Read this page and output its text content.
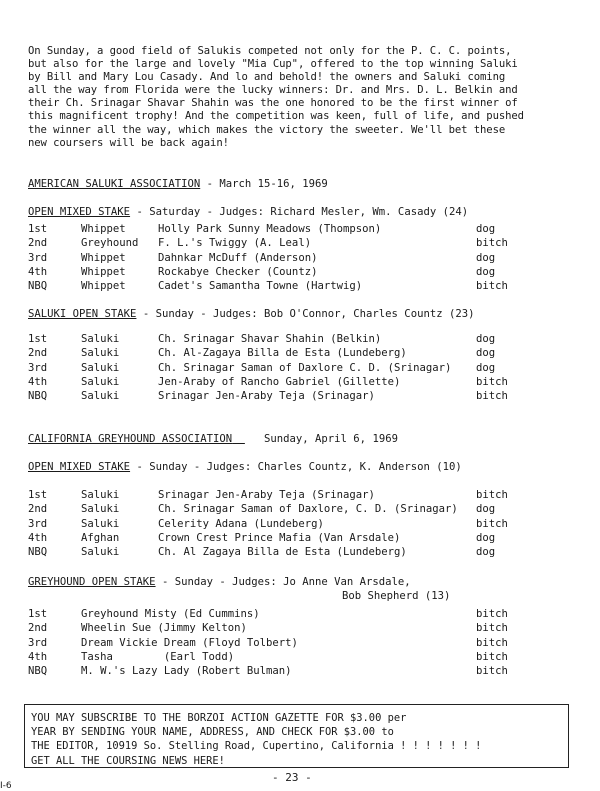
On Sunday, a good field of Salukis competed not only for the P. C. C. points,
but also for the large and lovely "Mia Cup", offered to the top winning Saluki
by Bill and Mary Lou Casady. And lo and behold! the owners and Saluki coming
all the way from Florida were the lucky winners: Dr. and Mrs. D. L. Belkin and
their Ch. Srinagar Shavar Shahin was the one honored to be the first winner of
this magnificent trophy! And the competition was keen, full of life, and pushed
the winner all the way, which makes the victory the sweeter. We'll bet these
new coursers will be back again!
AMERICAN SALUKI ASSOCIATION - March 15-16, 1969
OPEN MIXED STAKE - Saturday - Judges: Richard Mesler, Wm. Casady (24)
1st	Whippet	Holly Park Sunny Meadows (Thompson)	dog
2nd	Greyhound	F. L.'s Twiggy (A. Leal)	bitch
3rd	Whippet	Dahnkar McDuff (Anderson)	dog
4th	Whippet	Rockabye Checker (Countz)	dog
NBQ	Whippet	Cadet's Samantha Towne (Hartwig)	bitch
SALUKI OPEN STAKE - Sunday - Judges: Bob O'Connor, Charles Countz (23)
1st	Saluki	Ch. Srinagar Shavar Shahin (Belkin)	dog
2nd	Saluki	Ch. Al-Zagaya Billa de Esta (Lundeberg)	dog
3rd	Saluki	Ch. Srinagar Saman of Daxlore C. D. (Srinagar)	dog
4th	Saluki	Jen-Araby of Rancho Gabriel (Gillette)	bitch
NBQ	Saluki	Srinagar Jen-Araby Teja (Srinagar)	bitch
CALIFORNIA GREYHOUND ASSOCIATION	Sunday, April 6, 1969
OPEN MIXED STAKE - Sunday - Judges: Charles Countz, K. Anderson (10)
1st	Saluki	Srinagar Jen-Araby Teja (Srinagar)	bitch
2nd	Saluki	Ch. Srinagar Saman of Daxlore, C. D. (Srinagar)	dog
3rd	Saluki	Celerity Adana (Lundeberg)	bitch
4th	Afghan	Crown Crest Prince Mafia (Van Arsdale)	dog
NBQ	Saluki	Ch. Al Zagaya Billa de Esta (Lundeberg)	dog
GREYHOUND OPEN STAKE - Sunday - Judges: Jo Anne Van Arsdale,
Bob Shepherd (13)
1st	Greyhound Misty (Ed Cummins)	bitch
2nd	Wheelin Sue (Jimmy Kelton)	bitch
3rd	Dream Vickie Dream (Floyd Tolbert)	bitch
4th	Tasha        (Earl Todd)	bitch
NBQ	M. W.'s Lazy Lady (Robert Bulman)	bitch
YOU MAY SUBSCRIBE TO THE BORZOI ACTION GAZETTE FOR $3.00 per
YEAR BY SENDING YOUR NAME, ADDRESS, AND CHECK FOR $3.00 to
THE EDITOR, 10919 So. Stelling Road, Cupertino, California ! ! ! ! ! ! !
GET ALL THE COURSING NEWS HERE!
- 23 -
I-6
